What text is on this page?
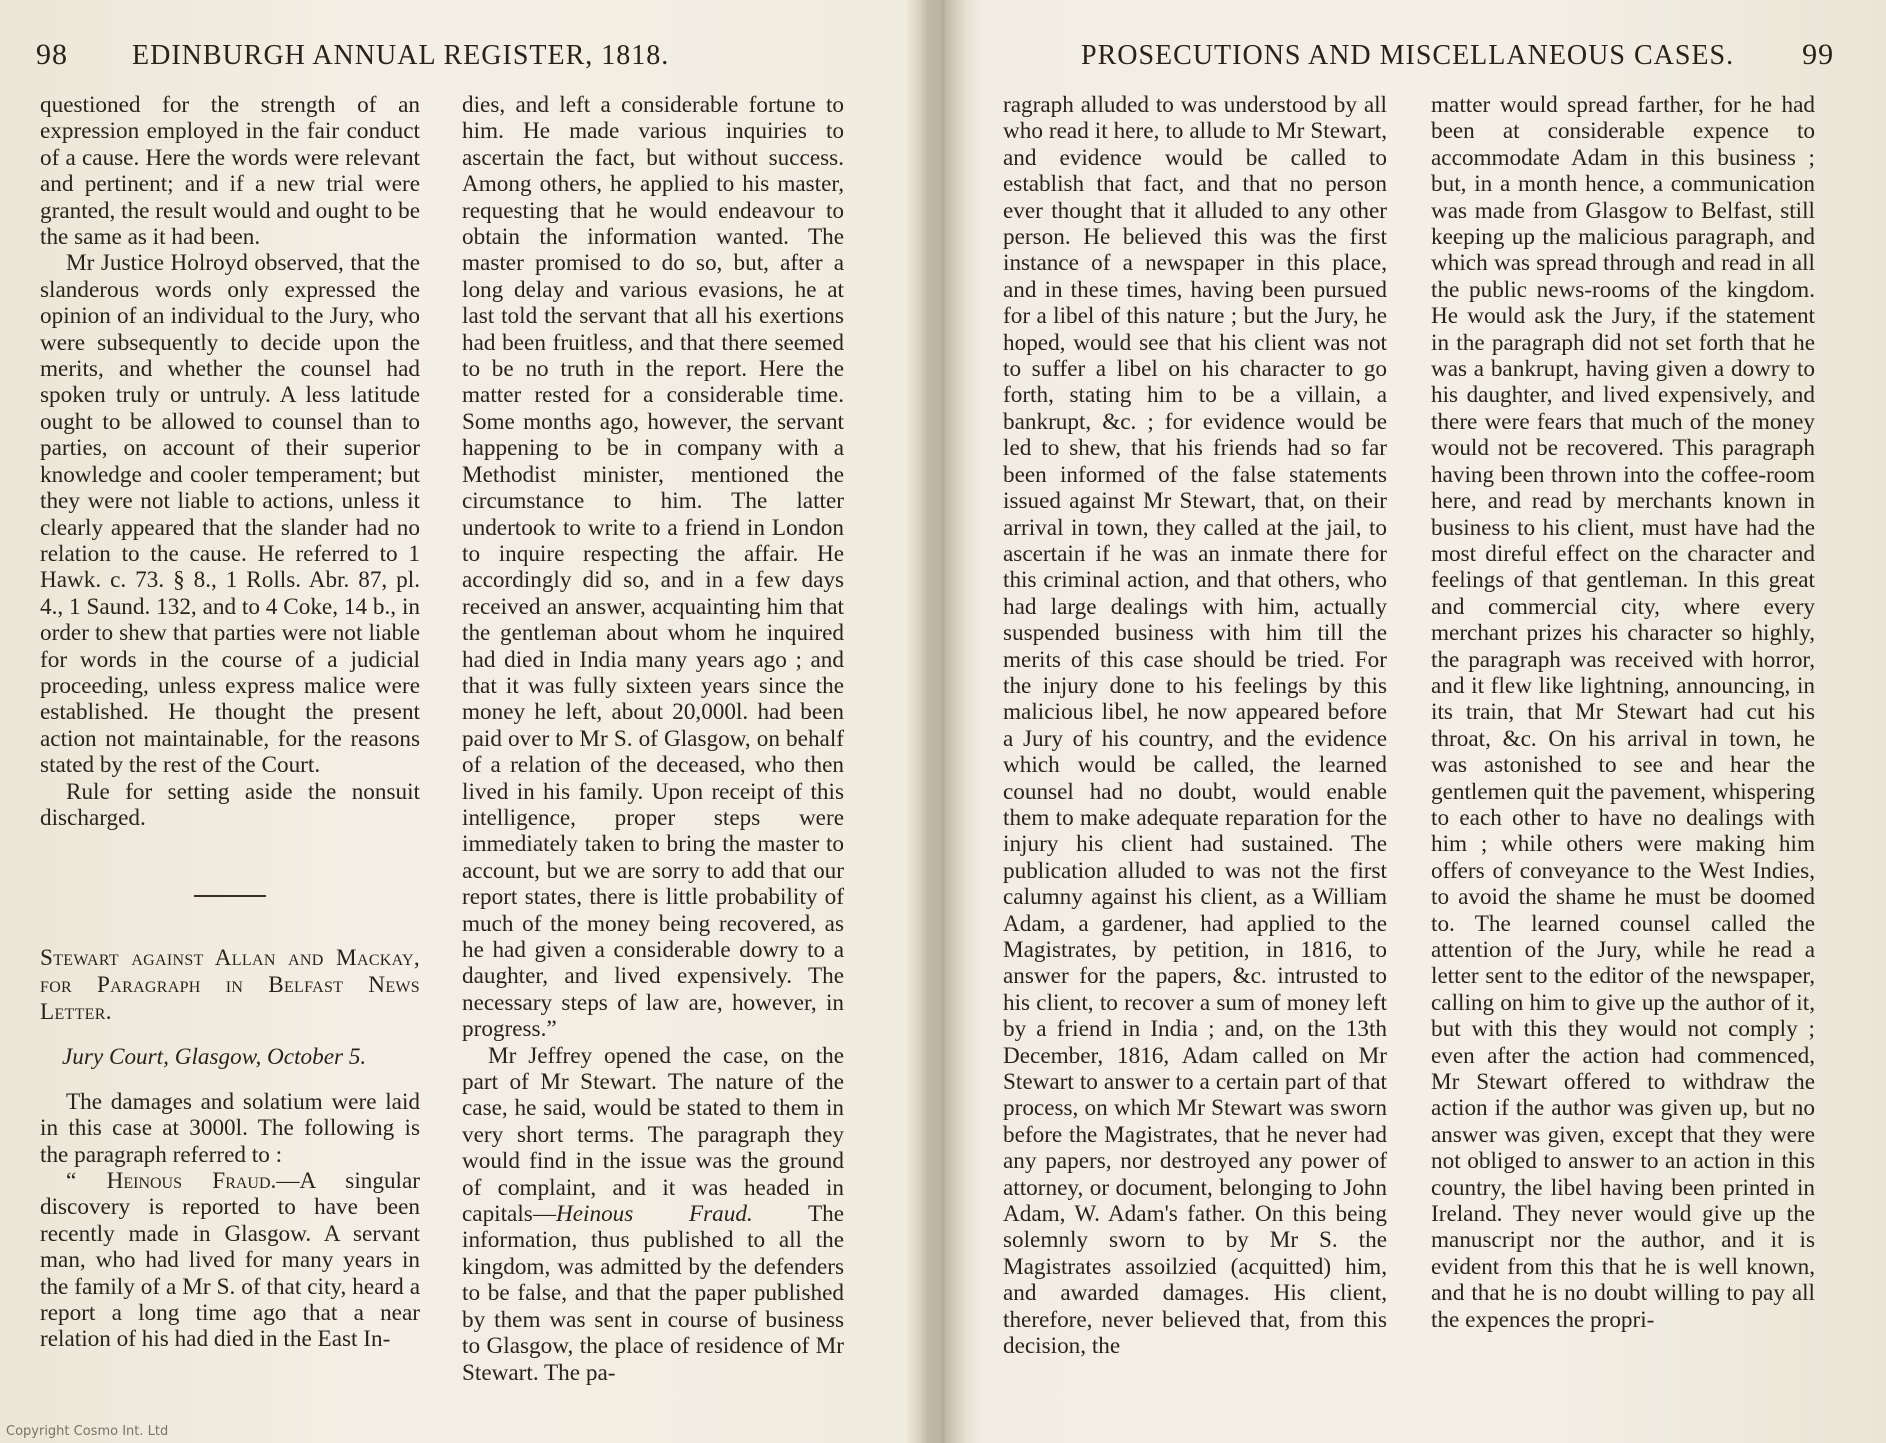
98 EDINBURGH ANNUAL REGISTER, 1818.

questioned for the strength of an expression employed in the fair conduct of a cause. Here the words were relevant and pertinent; and if a new trial were granted, the result would and ought to be the same as it had been.

Mr Justice Holroyd observed, that the slanderous words only expressed the opinion of an individual to the Jury, who were subsequently to decide upon the merits, and whether the counsel had spoken truly or untruly. A less latitude ought to be allowed to counsel than to parties, on account of their superior knowledge and cooler temperament; but they were not liable to actions, unless it clearly appeared that the slander had no relation to the cause. He referred to 1 Hawk. c. 73. § 8., 1 Rolls. Abr. 87, pl. 4., 1 Saund. 132, and to 4 Coke, 14 b., in order to shew that parties were not liable for words in the course of a judicial proceeding, unless express malice were established. He thought the present action not maintainable, for the reasons stated by the rest of the Court.

Rule for setting aside the nonsuit discharged.

Stewart against Allan and Mackay, for Paragraph in Belfast News Letter.

Jury Court, Glasgow, October 5.

The damages and solatium were laid in this case at 3000l. The following is the paragraph referred to :

“ Heinous Fraud.—A singular discovery is reported to have been recently made in Glasgow. A servant man, who had lived for many years in the family of a Mr S. of that city, heard a report a long time ago that a near relation of his had died in the East In-

dies, and left a considerable fortune to him. He made various inquiries to ascertain the fact, but without success. Among others, he applied to his master, requesting that he would endeavour to obtain the information wanted. The master promised to do so, but, after a long delay and various evasions, he at last told the servant that all his exertions had been fruitless, and that there seemed to be no truth in the report. Here the matter rested for a considerable time. Some months ago, however, the servant happening to be in company with a Methodist minister, mentioned the circumstance to him. The latter undertook to write to a friend in London to inquire respecting the affair. He accordingly did so, and in a few days received an answer, acquainting him that the gentleman about whom he inquired had died in India many years ago ; and that it was fully sixteen years since the money he left, about 20,000l. had been paid over to Mr S. of Glasgow, on behalf of a relation of the deceased, who then lived in his family. Upon receipt of this intelligence, proper steps were immediately taken to bring the master to account, but we are sorry to add that our report states, there is little probability of much of the money being recovered, as he had given a considerable dowry to a daughter, and lived expensively. The necessary steps of law are, however, in progress.”

Mr Jeffrey opened the case, on the part of Mr Stewart. The nature of the case, he said, would be stated to them in very short terms. The paragraph they would find in the issue was the ground of complaint, and it was headed in capitals—Heinous Fraud. The information, thus published to all the kingdom, was admitted by the defenders to be false, and that the paper published by them was sent in course of business to Glasgow, the place of residence of Mr Stewart. The pa-

PROSECUTIONS AND MISCELLANEOUS CASES. 99

ragraph alluded to was understood by all who read it here, to allude to Mr Stewart, and evidence would be called to establish that fact, and that no person ever thought that it alluded to any other person. He believed this was the first instance of a newspaper in this place, and in these times, having been pursued for a libel of this nature ; but the Jury, he hoped, would see that his client was not to suffer a libel on his character to go forth, stating him to be a villain, a bankrupt, &c. ; for evidence would be led to shew, that his friends had so far been informed of the false statements issued against Mr Stewart, that, on their arrival in town, they called at the jail, to ascertain if he was an inmate there for this criminal action, and that others, who had large dealings with him, actually suspended business with him till the merits of this case should be tried. For the injury done to his feelings by this malicious libel, he now appeared before a Jury of his country, and the evidence which would be called, the learned counsel had no doubt, would enable them to make adequate reparation for the injury his client had sustained. The publication alluded to was not the first calumny against his client, as a William Adam, a gardener, had applied to the Magistrates, by petition, in 1816, to answer for the papers, &c. intrusted to his client, to recover a sum of money left by a friend in India ; and, on the 13th December, 1816, Adam called on Mr Stewart to answer to a certain part of that process, on which Mr Stewart was sworn before the Magistrates, that he never had any papers, nor destroyed any power of attorney, or document, belonging to John Adam, W. Adam's father. On this being solemnly sworn to by Mr S. the Magistrates assoilzied (acquitted) him, and awarded damages. His client, therefore, never believed that, from this decision, the

matter would spread farther, for he had been at considerable expence to accommodate Adam in this business ; but, in a month hence, a communication was made from Glasgow to Belfast, still keeping up the malicious paragraph, and which was spread through and read in all the public news-rooms of the kingdom. He would ask the Jury, if the statement in the paragraph did not set forth that he was a bankrupt, having given a dowry to his daughter, and lived expensively, and there were fears that much of the money would not be recovered. This paragraph having been thrown into the coffee-room here, and read by merchants known in business to his client, must have had the most direful effect on the character and feelings of that gentleman. In this great and commercial city, where every merchant prizes his character so highly, the paragraph was received with horror, and it flew like lightning, announcing, in its train, that Mr Stewart had cut his throat, &c. On his arrival in town, he was astonished to see and hear the gentlemen quit the pavement, whispering to each other to have no dealings with him ; while others were making him offers of conveyance to the West Indies, to avoid the shame he must be doomed to. The learned counsel called the attention of the Jury, while he read a letter sent to the editor of the newspaper, calling on him to give up the author of it, but with this they would not comply ; even after the action had commenced, Mr Stewart offered to withdraw the action if the author was given up, but no answer was given, except that they were not obliged to answer to an action in this country, the libel having been printed in Ireland. They never would give up the manuscript nor the author, and it is evident from this that he is well known, and that he is no doubt willing to pay all the expences the propri-

Copyright Cosmo Int. Ltd
